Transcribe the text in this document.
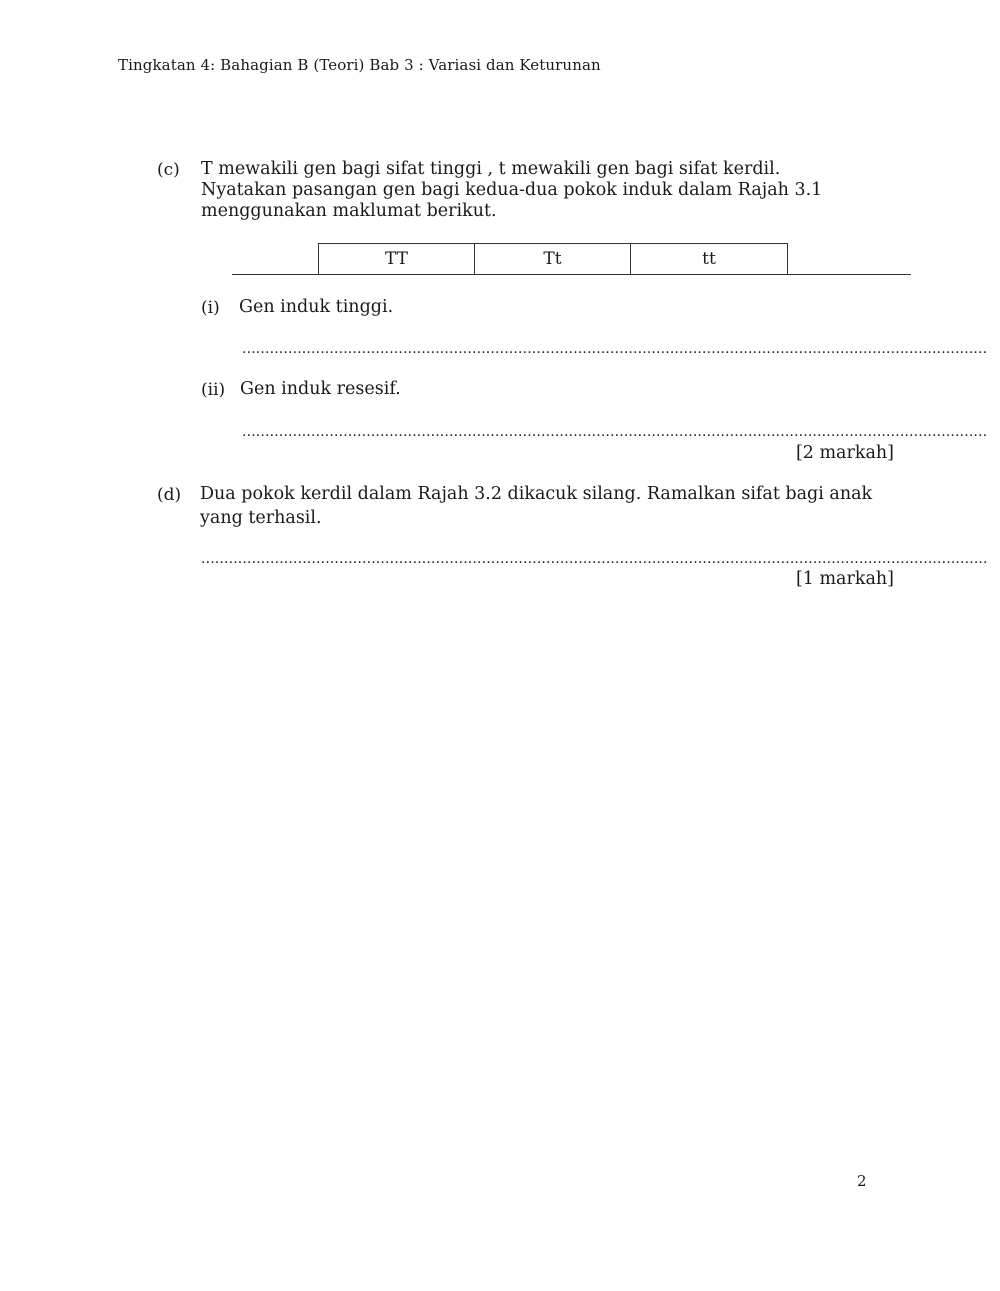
Tingkatan 4: Bahagian B (Teori) Bab 3 : Variasi dan Keturunan
(c) T mewakili gen bagi sifat tinggi , t mewakili gen bagi sifat kerdil.
Nyatakan pasangan gen bagi kedua-dua pokok induk dalam Rajah 3.1
menggunakan maklumat berikut.
TT	Tt	tt
(i) Gen induk tinggi.
..................................................................................................................................................................
(ii) Gen induk resesif.
..................................................................................................................................................................
[2 markah]
(d) Dua pokok kerdil dalam Rajah 3.2 dikacuk silang. Ramalkan sifat bagi anak
yang terhasil.
...........................................................................................................................................................................
[1 markah]
2
